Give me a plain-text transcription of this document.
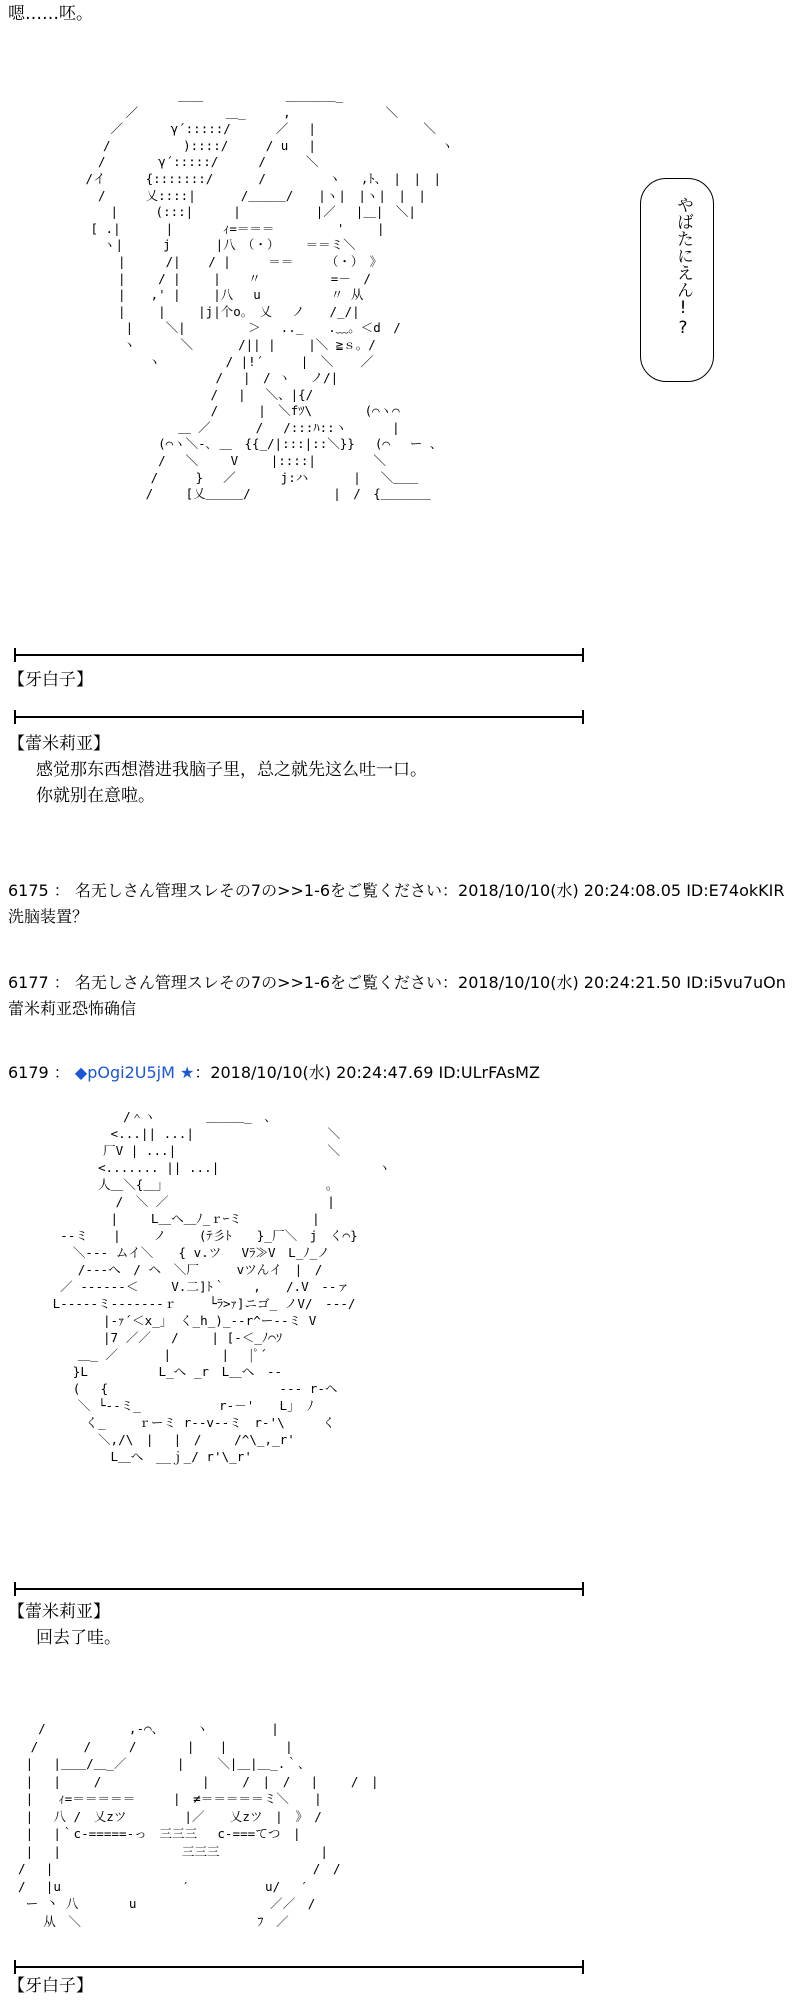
嗯……呸。
　 　 　 　 　＿＿　　　　　　 ＿＿＿＿_
　 　 ／　　　　　　　＿_　　　,　　　　　　　 ＼
　　 ／ 　 　 γ´:::::/　　　 ／ 　|　　　　　　　　 ＼
　　/　　 　 　 )::::/　　　/ u 　|　　　　　　　　　　ヽ
　/ 　　　 γ´:::::/ 　 　/ 　　 ＼　　　　　　　　　　
/イ 　　 {:::::::/　　　 /　　　　　ヽ　 ,ﾄ、　|　|　|
　 / 　　 乂::::|　　　 /＿＿＿/　　|ヽ|　|ヽ|　|　|
　　 |　　　(:::|　 　 |　　　　　　|／　 |＿|　＼|
　[ .|　　　 |　　　　ｨ=＝＝＝　　　　　'　　 |
　　ヽ| 　　 j　　　 |八　（・）　　 ＝＝ミ＼
　　 | 　　 /| 　 / |　　　＝＝　　 （・）　》
　　 |　　 / |　　 | 　 〃　　　　　 =－　/
　 　|　　,' |　　 |八 　u　　　　　 〃 从
　　 |　　 |　　 |j|个o。　乂　 ノ　　/_/|
　 　 |　　 ＼|　　　　　＞　 .._　　.﹏。＜d　/
　　　ヽ　　　 ＼ 　　　/|| |　　 |＼ ≧ｓ。/
　　　　　ヽ　 　　 　/ |!´　　　|　＼ 　 ／
　　　　　　　　　　　/　 |　/ ヽ　 ノ/|
　　　　　　　　　　 /　 |　 ＼、|{/
　 　 　 　 　 　　/ 　　 |　＼fﾂ\ 　　　 (⌒ヽ⌒
　　 　 　 　 ＿ ／　　 　/　 /:::ﾊ::ヽ　　　 |
　 　 　 　 (⌒ヽ＼-､ ＿　{{_/|:::|::＼}}　 (⌒ 　ー 、
　 　 　 　/　 ＼　　 V　　 |::::|　　　　 ＼
　　 　 　 /　　　}　 ／　 　　j:ハ　　　 |　 ＼＿＿
　 　 　 /　 　[乂＿＿＿/ 　　　　　　|　/　{＿＿＿＿
やばたにえん!?
【牙白子】
【蕾米莉亚】
感觉那东西想潜进我脑子里，总之就先这么吐一口。
你就别在意啦。
6175 ： 名无しさん管理スレその7の>>1-6をご覧ください：2018/10/10(水) 20:24:08.05 ID:E74okKIR
洗脑装置？
6177 ： 名无しさん管理スレその7の>>1-6をご覧ください：2018/10/10(水) 20:24:21.50 ID:i5vu7uOn
蕾米莉亚恐怖确信
6179 ： ◆pOgi2U5jM ★：2018/10/10(水) 20:24:47.69 ID:ULrFAsMZ
　　　　 　　/＾ヽ　　　　＿＿＿_　、
　　　　　 <...|| ...|　　　　　　　　　　 ＼
　　　　　厂V | ...|　　　　　　　　　　　　＼
　　　　 <....... || ...|　　　　　　　　　　　　 ヽ
　　　　 人＿＼{＿｣　　　　　　　　　　　　　。
　　　　　　/　＼ ／　　　　　　　　　　　　 |
　　　　　|　　 L＿へ＿ﾉ_ｒｰミ　　　　　 |
　 --ミ　　|　　 ノ　　 (ﾃ彡ﾄ　　}_厂＼　j　く⌒}
　　 ＼--- ムイ＼　　{ v.ツ　 Vﾗ≫V　L_ﾉ_ノ
　　　/---へ　/ ヘ　＼厂　　　vツんイ　|　/
　 ／ ------＜　　 V.二]ﾄ｀ 　 ,　　/.V　--ァ
　L-----ミ------‐ｒ　　 └ﾗ>ｧ]ニゴ_ ノV/　---/
　　　　　|-ｧ´＜x_」 く_h_)_--r^ー--ミ V
　　　　　|7 ／／ 　/　　 | [-＜_ﾉ⌒ｿ
　　　＿_ ／　　　 |　　　　|　 |ﾟ´
　　 }L　　　　　 L_へ _r　L＿へ　--
　　 (　 {　　　　　　　　　　　　　 --- r-ヘ
　　　＼ └--ミ_ 　　　　　 r-－'　　L」 ﾉ
　　　 く_　　 ｒーミ r--v--ミ　r-'\　　　く
　　　　 ＼,/\　|　 |　/　　 /^\_,_r'
　　　　　 L＿へ　__ｊ_/ r'\_r'
【蕾米莉亚】
回去了哇。
　 /　　　　　　 ,-⌒、　　　ヽ　　　　　|
　/　　　 /　　　/　　　　|　　|　　　　 |
|　 |＿＿/＿_／　　　　|　　 ＼|＿|＿_.｀、
|　 |　　 /　　　　　　　　|　　 /　|　/　 |　　 /　|
|　　ｨ=＝＝＝＝＝　　　|　≠＝＝＝＝＝ミ＼　　|
|　 八 /　乂zツ　　　　 |／　　乂zツ　|　》　/
|　 |｀c-=====-っ　三三三　 c-===てつ　|
|　 |　　　　　　　　　 三三三　　　　　　　　|
/　 |　　　　　　　　　　　　　　　　　　　　 /　/
/ 　|u　　　　　　　　　 ′　　　　　　u/　 ′
ー 丶 八　　　　u　　　　　　　　　　 ／／　/
　　从　＼　　　　　　　　　　　　　　ﾌ　／
【牙白子】
